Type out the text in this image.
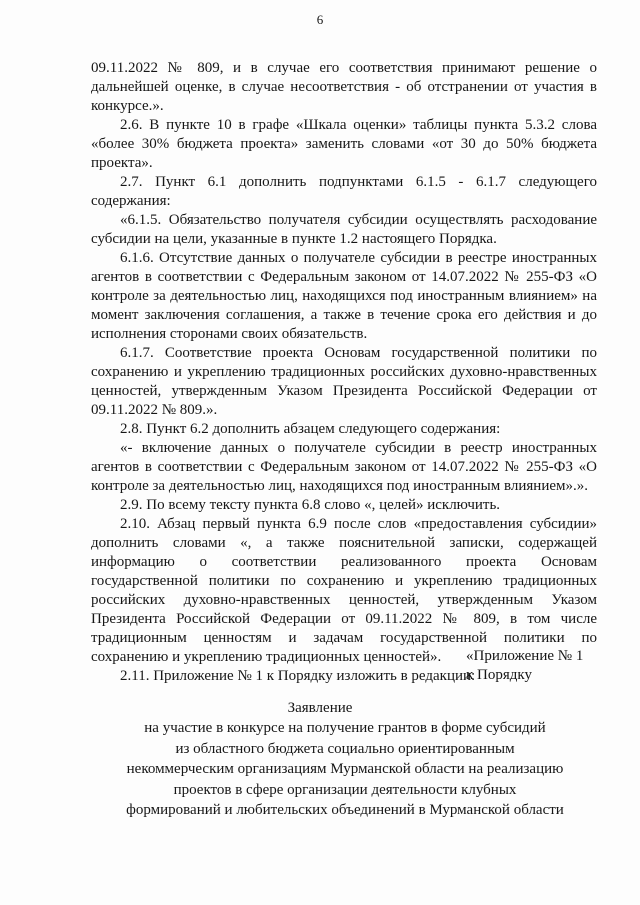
6

09.11.2022 № 809, и в случае его соответствия принимают решение о дальнейшей оценке, в случае несоответствия - об отстранении от участия в конкурсе.».

2.6. В пункте 10 в графе «Шкала оценки» таблицы пункта 5.3.2 слова «более 30% бюджета проекта» заменить словами «от 30 до 50% бюджета проекта».

2.7. Пункт 6.1 дополнить подпунктами 6.1.5 - 6.1.7 следующего содержания:

«6.1.5. Обязательство получателя субсидии осуществлять расходование субсидии на цели, указанные в пункте 1.2 настоящего Порядка.

6.1.6. Отсутствие данных о получателе субсидии в реестре иностранных агентов в соответствии с Федеральным законом от 14.07.2022 № 255-ФЗ «О контроле за деятельностью лиц, находящихся под иностранным влиянием» на момент заключения соглашения, а также в течение срока его действия и до исполнения сторонами своих обязательств.

6.1.7. Соответствие проекта Основам государственной политики по сохранению и укреплению традиционных российских духовно-нравственных ценностей, утвержденным Указом Президента Российской Федерации от 09.11.2022 № 809.».

2.8. Пункт 6.2 дополнить абзацем следующего содержания:

«- включение данных о получателе субсидии в реестр иностранных агентов в соответствии с Федеральным законом от 14.07.2022 № 255-ФЗ «О контроле за деятельностью лиц, находящихся под иностранным влиянием».».

2.9. По всему тексту пункта 6.8 слово «, целей» исключить.

2.10. Абзац первый пункта 6.9 после слов «предоставления субсидии» дополнить словами «, а также пояснительной записки, содержащей информацию о соответствии реализованного проекта Основам государственной политики по сохранению и укреплению традиционных российских духовно-нравственных ценностей, утвержденным Указом Президента Российской Федерации от 09.11.2022 № 809, в том числе традиционным ценностям и задачам государственной политики по сохранению и укреплению традиционных ценностей».

2.11. Приложение № 1 к Порядку изложить в редакции:

«Приложение № 1
к Порядку
Заявление
на участие в конкурсе на получение грантов в форме субсидий
из областного бюджета социально ориентированным
некоммерческим организациям Мурманской области на реализацию
проектов в сфере организации деятельности клубных
формирований и любительских объединений в Мурманской области
